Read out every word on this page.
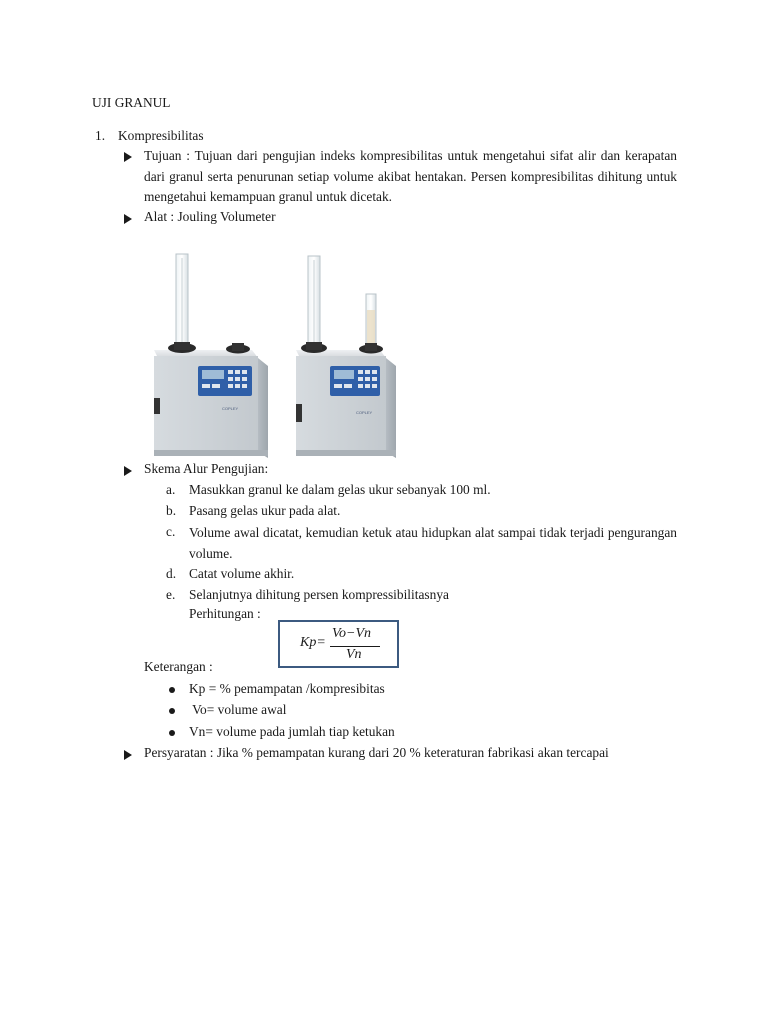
UJI GRANUL
1. Kompresibilitas
Tujuan : Tujuan dari pengujian indeks kompresibilitas untuk mengetahui sifat alir dan kerapatan dari granul serta penurunan setiap volume akibat hentakan. Persen kompresibilitas dihitung untuk mengetahui kemampuan granul untuk dicetak.
Alat : Jouling Volumeter
COPLEY
COPLEY
Skema Alur Pengujian:
a. Masukkan granul ke dalam gelas ukur sebanyak 100 ml.
b. Pasang gelas ukur pada alat.
c. Volume awal dicatat, kemudian ketuk atau hidupkan alat sampai tidak terjadi pengurangan volume.
d. Catat volume akhir.
e. Selanjutnya dihitung persen kompressibilitasnya
Perhitungan :
Kp=
Vo−Vn
Vn
Keterangan :
Kp = % pemampatan /kompresibitas
Vo= volume awal
Vn= volume pada jumlah tiap ketukan
Persyaratan : Jika % pemampatan kurang dari 20 % keteraturan fabrikasi akan tercapai
